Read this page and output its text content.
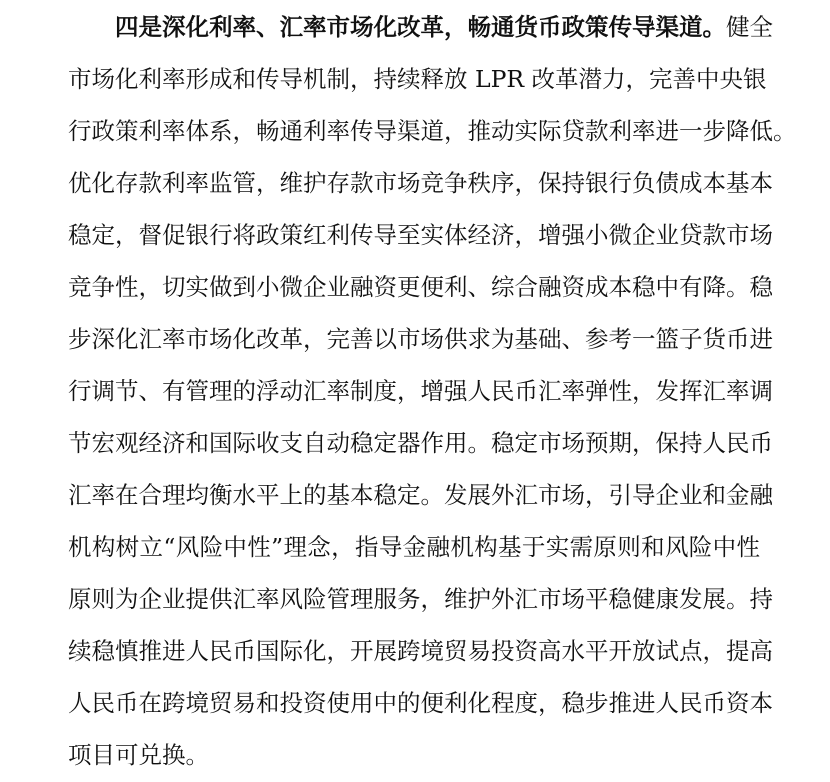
四是深化利率、汇率市场化改革，畅通货币政策传导渠道。健全
市场化利率形成和传导机制，持续释放 LPR 改革潜力，完善中央银
行政策利率体系，畅通利率传导渠道，推动实际贷款利率进一步降低。
优化存款利率监管，维护存款市场竞争秩序，保持银行负债成本基本
稳定，督促银行将政策红利传导至实体经济，增强小微企业贷款市场
竞争性，切实做到小微企业融资更便利、综合融资成本稳中有降。稳
步深化汇率市场化改革，完善以市场供求为基础、参考一篮子货币进
行调节、有管理的浮动汇率制度，增强人民币汇率弹性，发挥汇率调
节宏观经济和国际收支自动稳定器作用。稳定市场预期，保持人民币
汇率在合理均衡水平上的基本稳定。发展外汇市场，引导企业和金融
机构树立“风险中性”理念，指导金融机构基于实需原则和风险中性
原则为企业提供汇率风险管理服务，维护外汇市场平稳健康发展。持
续稳慎推进人民币国际化，开展跨境贸易投资高水平开放试点，提高
人民币在跨境贸易和投资使用中的便利化程度，稳步推进人民币资本
项目可兑换。
